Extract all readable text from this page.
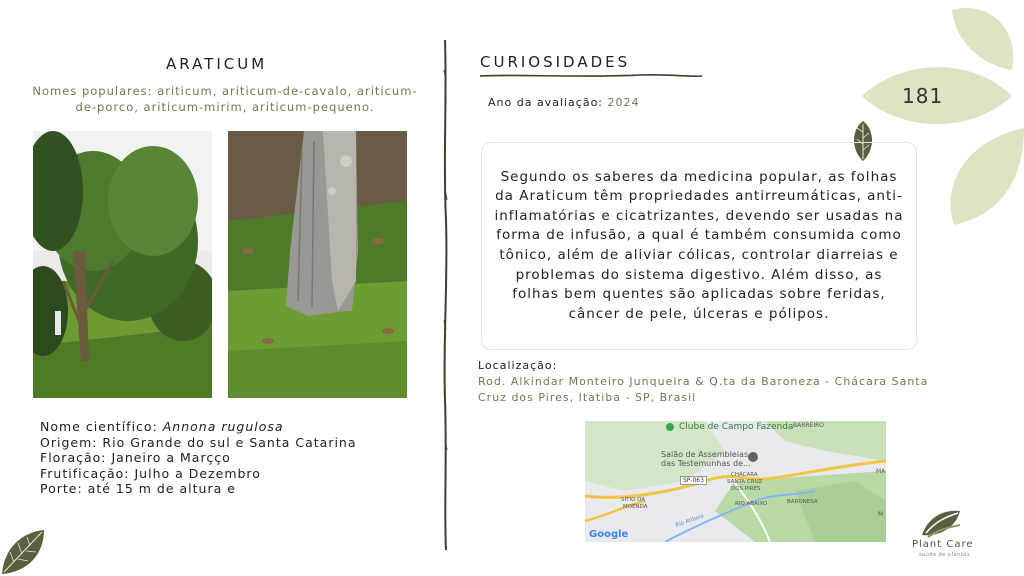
181
ARATICUM
Nomes populares: ariticum, ariticum-de-cavalo, ariticum-de-porco, ariticum-mirim, ariticum-pequeno.
Nome científico: Annona rugulosa
Origem: Rio Grande do sul e Santa Catarina
Floração: Janeiro a Marçço
Frutificação: Julho a Dezembro
Porte: até 15 m de altura e
CURIOSIDADES
Ano da avaliação: 2024
Segundo os saberes da medicina popular, as folhas da Araticum têm propriedades antirreumáticas, anti-inflamatórias e cicatrizantes, devendo ser usadas na forma de infusão, a qual é também consumida como tônico, além de aliviar cólicas, controlar diarreias e problemas do sistema digestivo. Além disso, as folhas bem quentes são aplicadas sobre feridas, câncer de pele, úlceras e pólipos.
Localização:
Rod. Alkindar Monteiro Junqueira & Q.ta da Baroneza - Chácara Santa Cruz dos Pires, Itatiba - SP, Brasil
Clube de Campo Fazenda BARREIRO
Salão de Assembleias
das Testemunhas de...
SP-063
CHÁCARA
SANTA CRUZ
DOS PIRES
SÍTIO DA
MOENDA	RIO ABAIXO	BARONESA
Rio Atibaia
MA
M
Google
Plant Care
saúde de plantas
